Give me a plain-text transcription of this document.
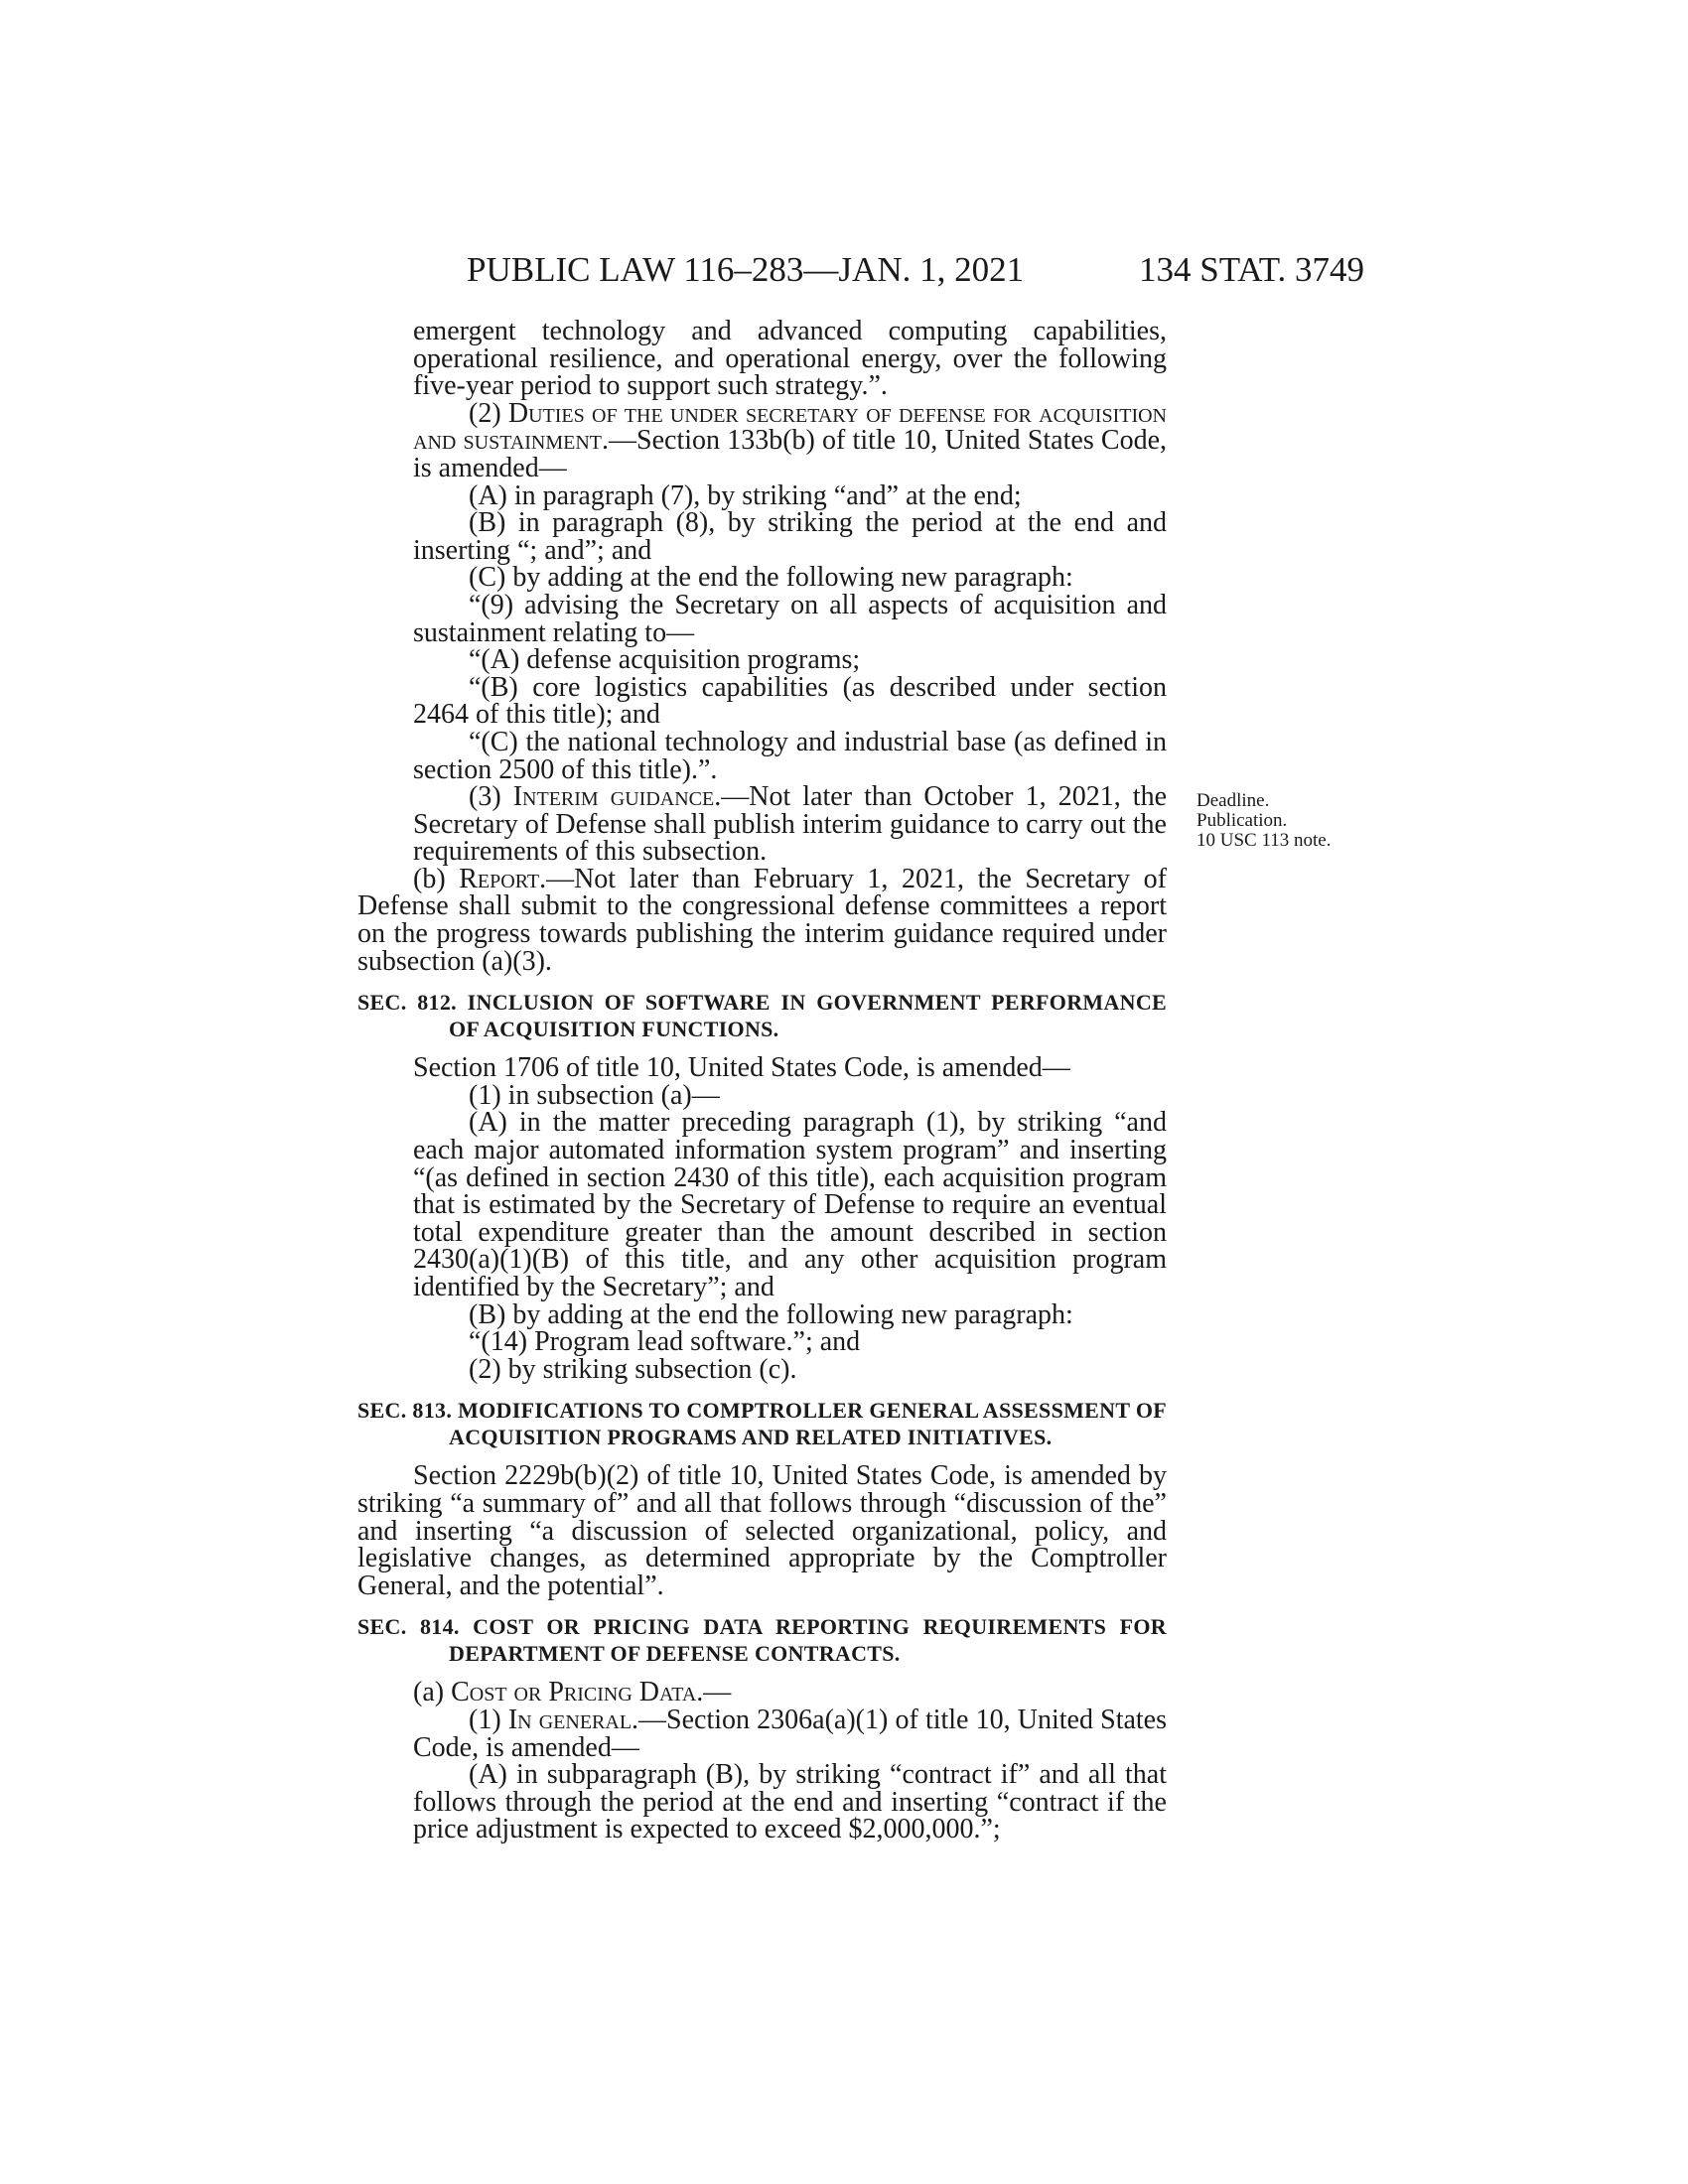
PUBLIC LAW 116–283—JAN. 1, 2021	134 STAT. 3749
Deadline.
Publication.
10 USC 113 note.

emergent technology and advanced computing capabilities, operational resilience, and operational energy, over the following five-year period to support such strategy.”.

(2) Duties of the under secretary of defense for acquisition and sustainment.—Section 133b(b) of title 10, United States Code, is amended—

(A) in paragraph (7), by striking “and” at the end;

(B) in paragraph (8), by striking the period at the end and inserting “; and”; and

(C) by adding at the end the following new paragraph:

“(9) advising the Secretary on all aspects of acquisition and sustainment relating to—

“(A) defense acquisition programs;

“(B) core logistics capabilities (as described under section 2464 of this title); and

“(C) the national technology and industrial base (as defined in section 2500 of this title).”.

(3) Interim guidance.—Not later than October 1, 2021, the Secretary of Defense shall publish interim guidance to carry out the requirements of this subsection.

(b) Report.—Not later than February 1, 2021, the Secretary of Defense shall submit to the congressional defense committees a report on the progress towards publishing the interim guidance required under subsection (a)(3).

SEC. 812. INCLUSION OF SOFTWARE IN GOVERNMENT PERFORMANCE OF ACQUISITION FUNCTIONS.

Section 1706 of title 10, United States Code, is amended—

(1) in subsection (a)—

(A) in the matter preceding paragraph (1), by striking “and each major automated information system program” and inserting “(as defined in section 2430 of this title), each acquisition program that is estimated by the Secretary of Defense to require an eventual total expenditure greater than the amount described in section 2430(a)(1)(B) of this title, and any other acquisition program identified by the Secretary”; and

(B) by adding at the end the following new paragraph:

“(14) Program lead software.”; and

(2) by striking subsection (c).

SEC. 813. MODIFICATIONS TO COMPTROLLER GENERAL ASSESSMENT OF ACQUISITION PROGRAMS AND RELATED INITIATIVES.

Section 2229b(b)(2) of title 10, United States Code, is amended by striking “a summary of” and all that follows through “discussion of the” and inserting “a discussion of selected organizational, policy, and legislative changes, as determined appropriate by the Comptroller General, and the potential”.

SEC. 814. COST OR PRICING DATA REPORTING REQUIREMENTS FOR DEPARTMENT OF DEFENSE CONTRACTS.

(a) Cost or Pricing Data.—

(1) In general.—Section 2306a(a)(1) of title 10, United States Code, is amended—

(A) in subparagraph (B), by striking “contract if” and all that follows through the period at the end and inserting “contract if the price adjustment is expected to exceed $2,000,000.”;
